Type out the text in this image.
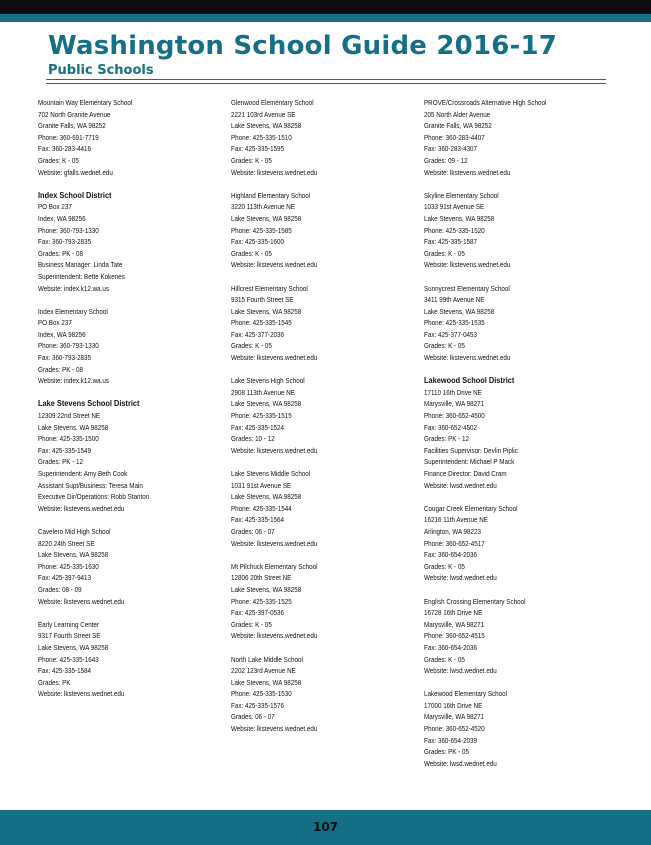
Washington School Guide 2016-17
Public Schools
Mountain Way Elementary School
702 North Granite Avenue
Granite Falls, WA 98252
Phone: 360-691-7719
Fax: 360-283-4416
Grades: K - 05
Website: gfalls.wednet.edu
Index School District
PO Box 237
Index, WA 98256
Phone: 360-793-1330
Fax: 360-793-2835
Grades: PK - 08
Business Manager: Linda Tate
Superintendent: Bette Kokenes
Website: index.k12.wa.us
Index Elementary School
PO Box 237
Index, WA 98256
Phone: 360-793-1330
Fax: 360-793-2835
Grades: PK - 08
Website: index.k12.wa.us
Lake Stevens School District
12309 22nd Street NE
Lake Stevens, WA 98258
Phone: 425-335-1500
Fax: 425-335-1549
Grades: PK - 12
Superintendent: Amy Beth Cook
Assistant Supt/Business: Teresa Main
Executive Dir/Operations: Robb Stanton
Website: lkstevens.wednet.edu
Cavelero Mid High School
8220 24th Street SE
Lake Stevens, WA 98258
Phone: 425-335-1630
Fax: 425-397-9413
Grades: 08 - 09
Website: lkstevens.wednet.edu
Early Learning Center
9317 Fourth Street SE
Lake Stevens, WA 98258
Phone: 425-335-1643
Fax: 425-335-1584
Grades: PK
Website: lkstevens.wednet.edu
Glenwood Elementary School
2221 103rd Avenue SE
Lake Stevens, WA 98258
Phone: 425-335-1510
Fax: 425-335-1595
Grades: K - 05
Website: lkstevens.wednet.edu
Highland Elementary School
3220 113th Avenue NE
Lake Stevens, WA 98258
Phone: 425-335-1585
Fax: 425-335-1600
Grades: K - 05
Website: lkstevens.wednet.edu
Hillcrest Elementary School
9315 Fourth Street SE
Lake Stevens, WA 98258
Phone: 425-335-1545
Fax: 425-377-2036
Grades: K - 05
Website: lkstevens.wednet.edu
Lake Stevens High School
2908 113th Avenue NE
Lake Stevens, WA 98258
Phone: 425-335-1515
Fax: 425-335-1524
Grades: 10 - 12
Website: lkstevens.wednet.edu
Lake Stevens Middle School
1031 91st Avenue SE
Lake Stevens, WA 98258
Phone: 425-335-1544
Fax: 425-335-1564
Grades: 06 - 07
Website: lkstevens.wednet.edu
Mt Pilchuck Elementary School
12806 20th Street NE
Lake Stevens, WA 98258
Phone: 425-335-1525
Fax: 425-397-0536
Grades: K - 05
Website: lkstevens.wednet.edu
North Lake Middle School
2202 123rd Avenue NE
Lake Stevens, WA 98258
Phone: 425-335-1530
Fax: 425-335-1576
Grades: 06 - 07
Website: lkstevens.wednet.edu
PROVE/Crossroads Alternative High School
205 North Alder Avenue
Granite Falls, WA 98252
Phone: 360-283-4407
Fax: 360-283-4307
Grades: 09 - 12
Website: lkstevens.wednet.edu
Skyline Elementary School
1033 91st Avenue SE
Lake Stevens, WA 98258
Phone: 425-335-1520
Fax: 425-335-1587
Grades: K - 05
Website: lkstevens.wednet.edu
Sunnycrest Elementary School
3411 99th Avenue NE
Lake Stevens, WA 98258
Phone: 425-335-1535
Fax: 425-377-0453
Grades: K - 05
Website: lkstevens.wednet.edu
Lakewood School District
17110 16th Drive NE
Marysville, WA 98271
Phone: 360-652-4500
Fax: 360-652-4502
Grades: PK - 12
Facilities Supervisor: Devlin Piplic
Superintendent: Michael P Mack
Finance Director: David Cram
Website: lwsd.wednet.edu
Cougar Creek Elementary School
16216 11th Avenue NE
Arlington, WA 98223
Phone: 360-652-4517
Fax: 360-654-2036
Grades: K - 05
Website: lwsd.wednet.edu
English Crossing Elementary School
16728 16th Drive NE
Marysville, WA 98271
Phone: 360-652-4515
Fax: 360-654-2036
Grades: K - 05
Website: lwsd.wednet.edu
Lakewood Elementary School
17000 16th Drive NE
Marysville, WA 98271
Phone: 360-652-4520
Fax: 360-654-2039
Grades: PK - 05
Website: lwsd.wednet.edu
107
